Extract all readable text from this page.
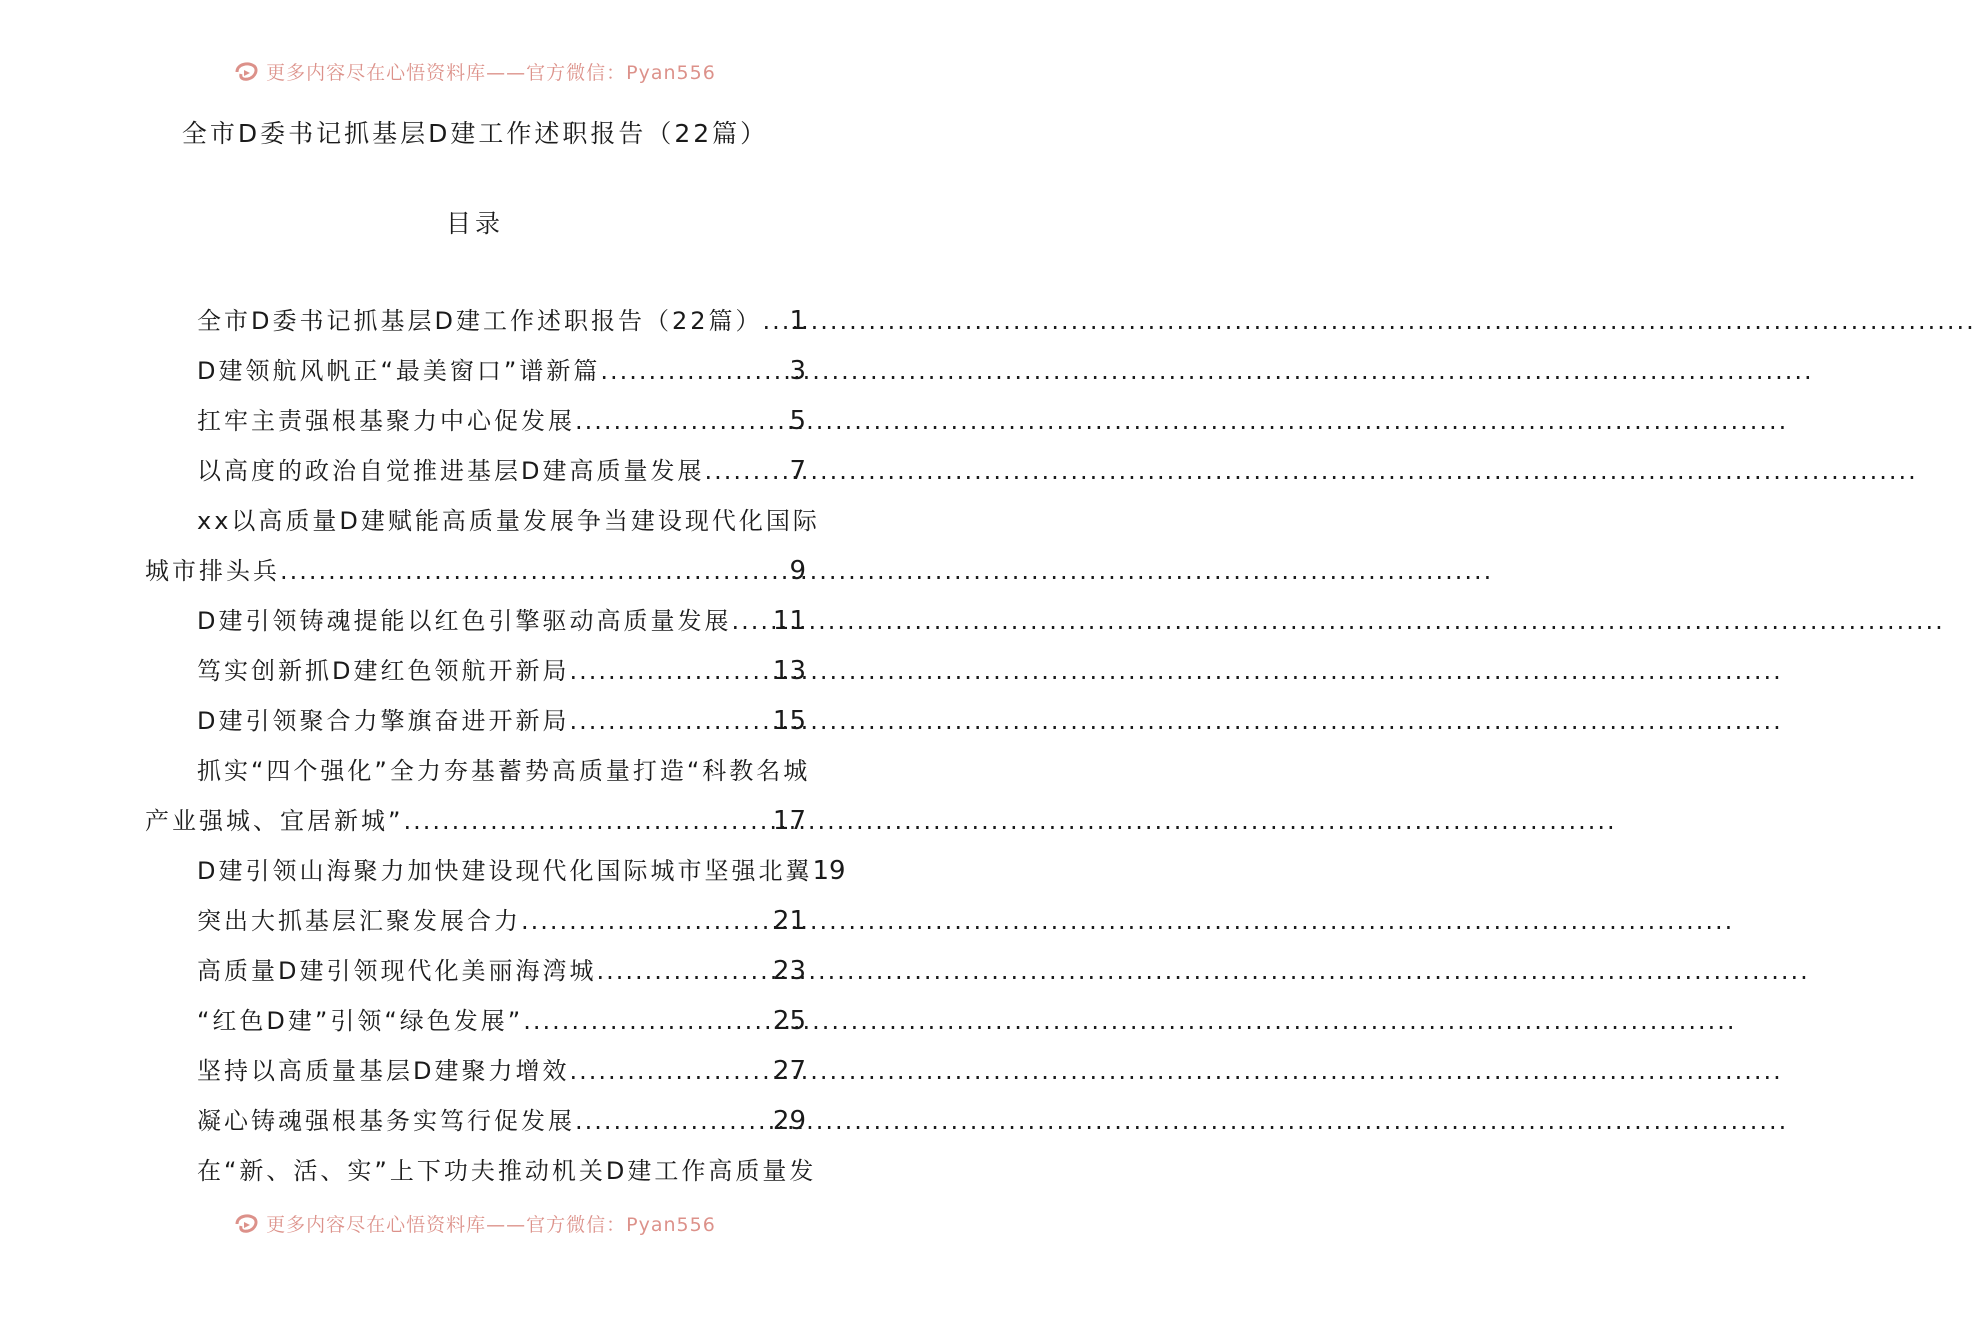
更多内容尽在心悟资料库——官方微信：Pyan556
全市D委书记抓基层D建工作述职报告（22篇）
目录
全市D委书记抓基层D建工作述职报告（22篇） ..... 1
D建领航风帆正“最美窗口”谱新篇 .....	3
扛牢主责强根基聚力中心促发展 .....	5
以高度的政治自觉推进基层D建高质量发展 .....	7
xx以高质量D建赋能高质量发展争当建设现代化国际
城市排头兵 .....	9
D建引领铸魂提能以红色引擎驱动高质量发展 ..... 11
笃实创新抓D建红色领航开新局 .....	13
D建引领聚合力擎旗奋进开新局 .....	15
抓实“四个强化”全力夯基蓄势高质量打造“科教名城
产业强城、宜居新城” .....	17
D建引领山海聚力加快建设现代化国际城市坚强北翼 19
突出大抓基层汇聚发展合力 .....	21
高质量D建引领现代化美丽海湾城 .....	23
“红色D建”引领“绿色发展” .....	25
坚持以高质量基层D建聚力增效 .....	27
凝心铸魂强根基务实笃行促发展 .....	29
在“新、活、实”上下功夫推动机关D建工作高质量发
更多内容尽在心悟资料库——官方微信：Pyan556
